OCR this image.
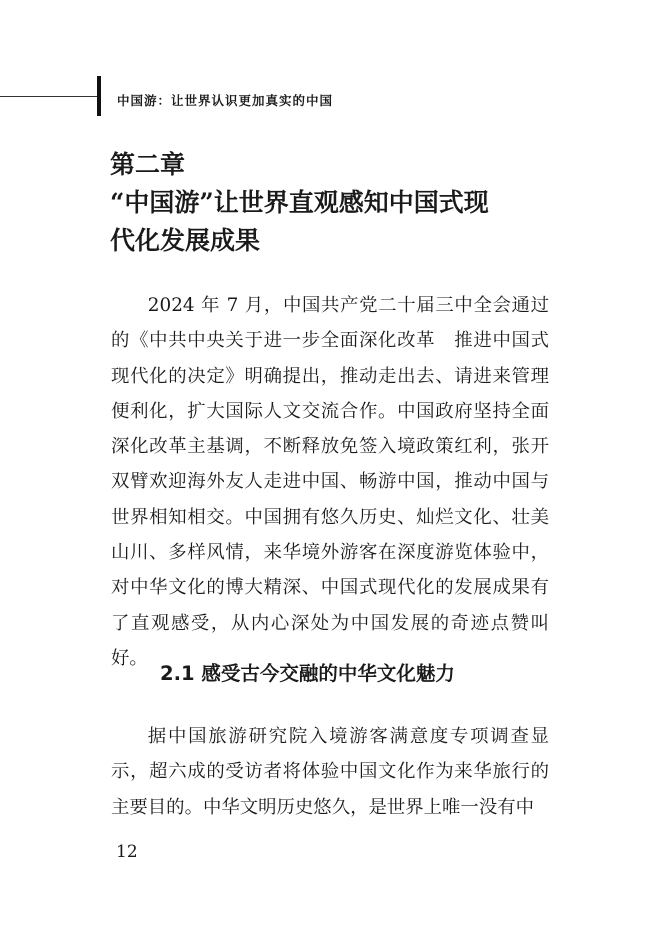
中国游：让世界认识更加真实的中国
第二章
“中国游”让世界直观感知中国式现
代化发展成果
2024 年 7 月，中国共产党二十届三中全会通过的《中共中央关于进一步全面深化改革　推进中国式现代化的决定》明确提出，推动走出去、请进来管理便利化，扩大国际人文交流合作。中国政府坚持全面深化改革主基调，不断释放免签入境政策红利，张开双臂欢迎海外友人走进中国、畅游中国，推动中国与世界相知相交。中国拥有悠久历史、灿烂文化、壮美山川、多样风情，来华境外游客在深度游览体验中，对中华文化的博大精深、中国式现代化的发展成果有了直观感受，从内心深处为中国发展的奇迹点赞叫好。
2.1 感受古今交融的中华文化魅力
据中国旅游研究院入境游客满意度专项调查显示，超六成的受访者将体验中国文化作为来华旅行的主要目的。中华文明历史悠久，是世界上唯一没有中
12
